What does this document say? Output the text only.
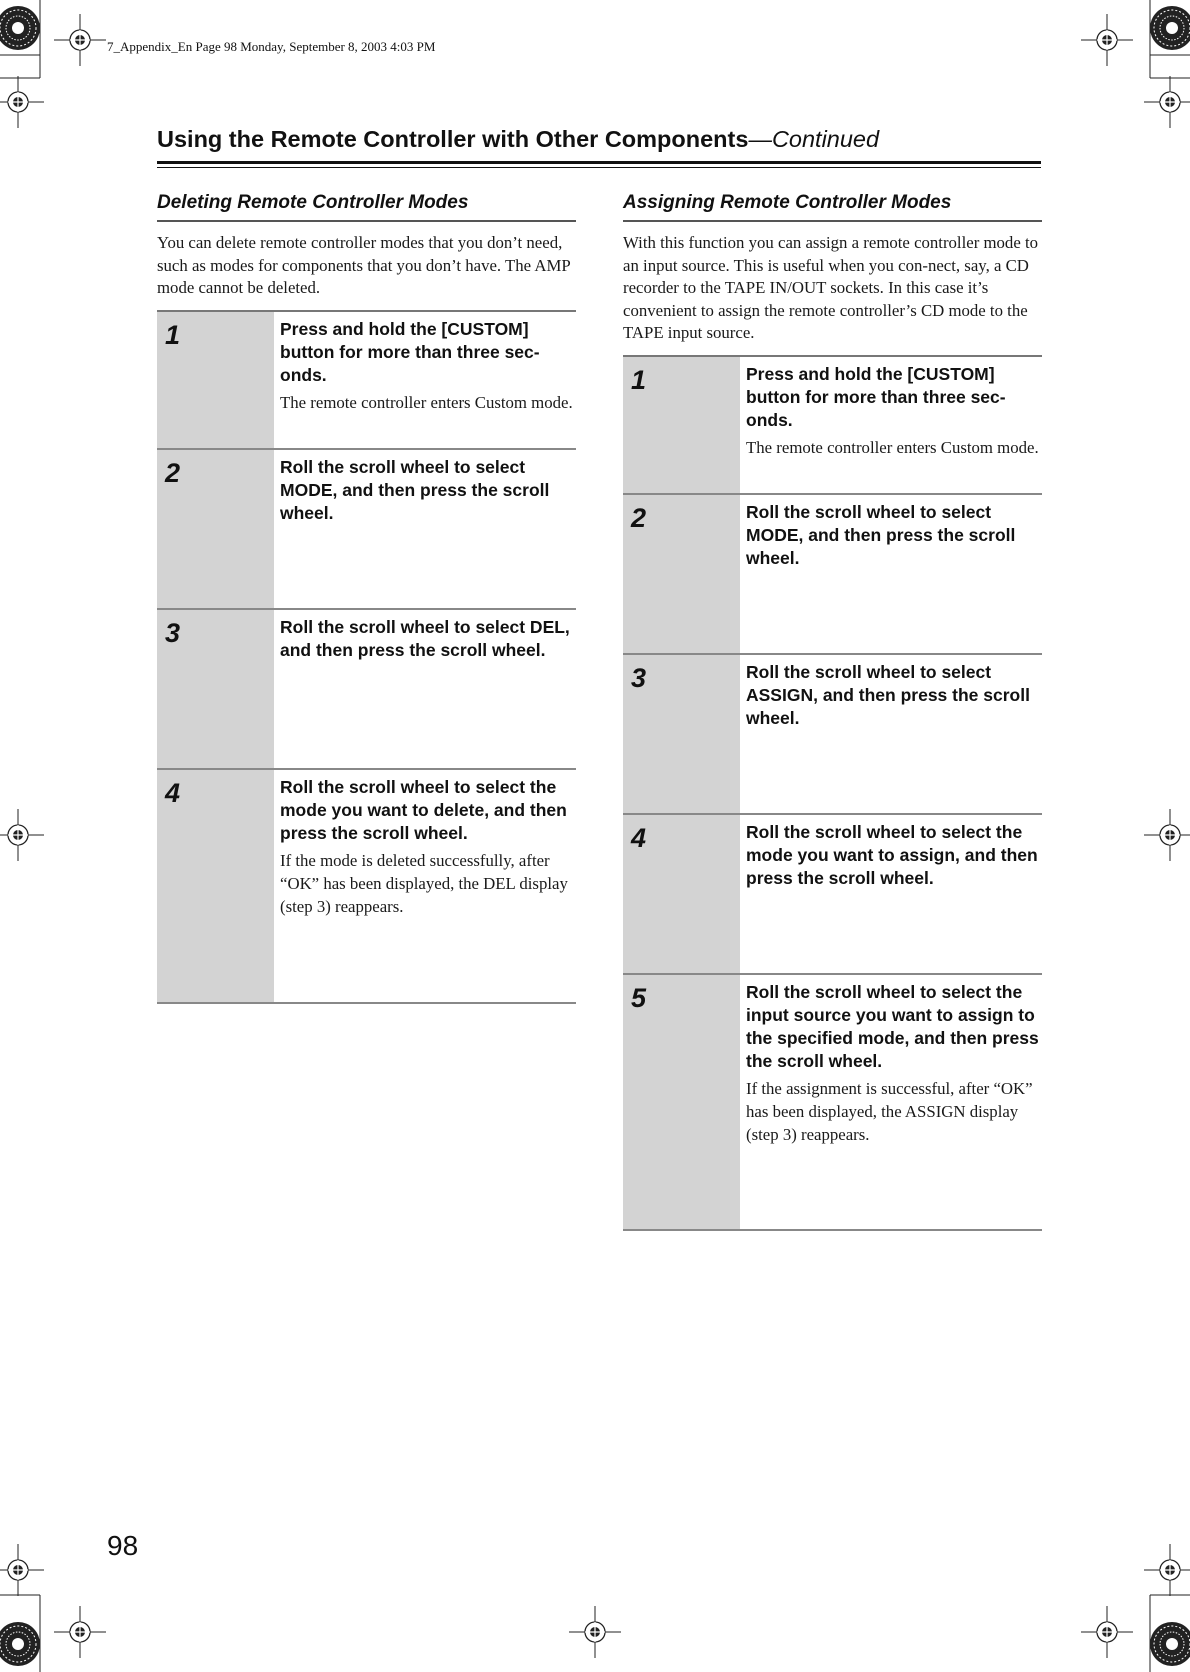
7_Appendix_En Page 98 Monday, September 8, 2003 4:03 PM
Using the Remote Controller with Other Components—Continued
Deleting Remote Controller Modes

You can delete remote controller modes that you don’t need, such as modes for components that you don’t have. The AMP mode cannot be deleted.

1	Press and hold the [CUSTOM] button for more than three sec-onds.

The remote controller enters Custom mode.

2	Roll the scroll wheel to select MODE, and then press the scroll wheel.

3	Roll the scroll wheel to select DEL, and then press the scroll wheel.

4	Roll the scroll wheel to select the mode you want to delete, and then press the scroll wheel.

If the mode is deleted successfully, after “OK” has been displayed, the DEL display (step 3) reappears.

Assigning Remote Controller Modes

With this function you can assign a remote controller mode to an input source. This is useful when you con-nect, say, a CD recorder to the TAPE IN/OUT sockets. In this case it’s convenient to assign the remote controller’s CD mode to the TAPE input source.

1	Press and hold the [CUSTOM] button for more than three sec-onds.

The remote controller enters Custom mode.

2	Roll the scroll wheel to select MODE, and then press the scroll wheel.

3	Roll the scroll wheel to select ASSIGN, and then press the scroll wheel.

4	Roll the scroll wheel to select the mode you want to assign, and then press the scroll wheel.

5	Roll the scroll wheel to select the input source you want to assign to the specified mode, and then press the scroll wheel.

If the assignment is successful, after “OK” has been displayed, the ASSIGN display (step 3) reappears.

98
